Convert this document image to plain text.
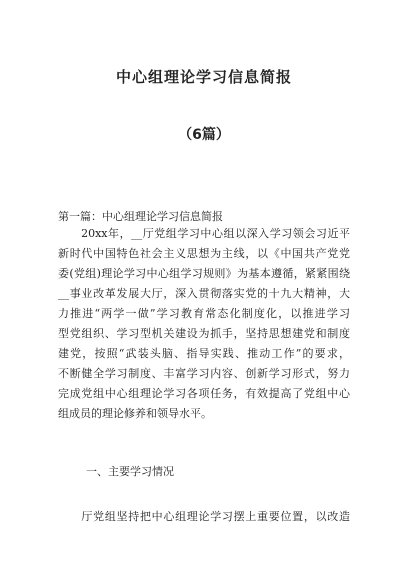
中心组理论学习信息简报
（6篇）
第一篇：中心组理论学习信息简报
　　20xx年，__厅党组学习中心组以深入学习领会习近平
新时代中国特色社会主义思想为主线，以《中国共产党党
委(党组)理论学习中心组学习规则》为基本遵循，紧紧围绕
__事业改革发展大厅，深入贯彻落实党的十九大精神，大
力推进“两学一做”学习教育常态化制度化，以推进学习
型党组织、学习型机关建设为抓手，坚持思想建党和制度
建党，按照“武装头脑、指导实践、推动工作”的要求，
不断健全学习制度、丰富学习内容、创新学习形式，努力
完成党组中心组理论学习各项任务，有效提高了党组中心
组成员的理论修养和领导水平。
一、主要学习情况
　　厅党组坚持把中心组理论学习摆上重要位置，以改造
